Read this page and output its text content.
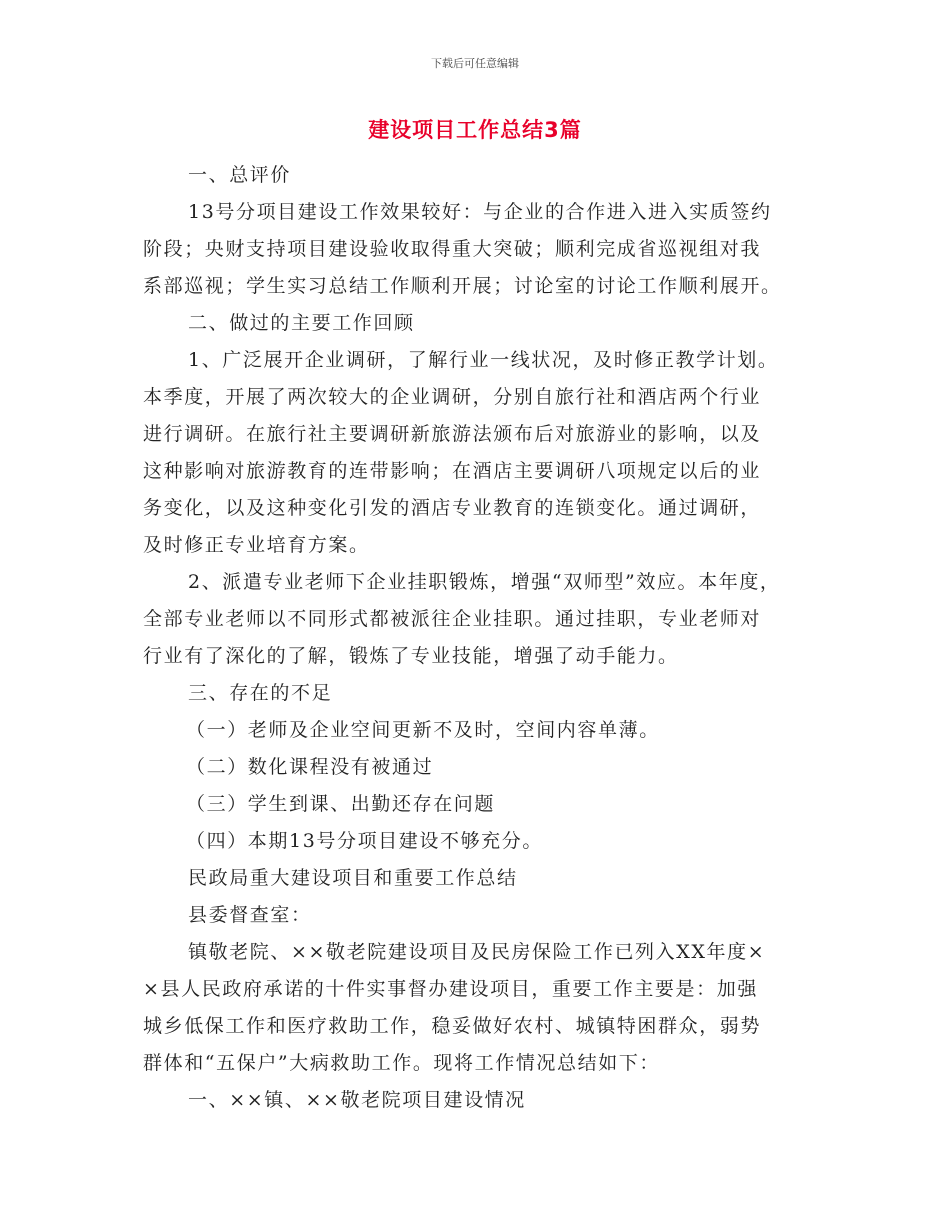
下载后可任意编辑
建设项目工作总结3篇
一、总评价
13号分项目建设工作效果较好：与企业的合作进入进入实质签约
阶段；央财支持项目建设验收取得重大突破；顺利完成省巡视组对我
系部巡视；学生实习总结工作顺利开展；讨论室的讨论工作顺利展开。
二、做过的主要工作回顾
1、广泛展开企业调研，了解行业一线状况，及时修正教学计划。
本季度，开展了两次较大的企业调研，分别自旅行社和酒店两个行业
进行调研。在旅行社主要调研新旅游法颁布后对旅游业的影响，以及
这种影响对旅游教育的连带影响；在酒店主要调研八项规定以后的业
务变化，以及这种变化引发的酒店专业教育的连锁变化。通过调研，
及时修正专业培育方案。
2、派遣专业老师下企业挂职锻炼，增强“双师型”效应。本年度，
全部专业老师以不同形式都被派往企业挂职。通过挂职，专业老师对
行业有了深化的了解，锻炼了专业技能，增强了动手能力。
三、存在的不足
（一）老师及企业空间更新不及时，空间内容单薄。
（二）数化课程没有被通过
（三）学生到课、出勤还存在问题
（四）本期13号分项目建设不够充分。
民政局重大建设项目和重要工作总结
县委督查室：
镇敬老院、××敬老院建设项目及民房保险工作已列入XX年度×
×县人民政府承诺的十件实事督办建设项目，重要工作主要是：加强
城乡低保工作和医疗救助工作，稳妥做好农村、城镇特困群众，弱势
群体和“五保户”大病救助工作。现将工作情况总结如下：
一、××镇、××敬老院项目建设情况
